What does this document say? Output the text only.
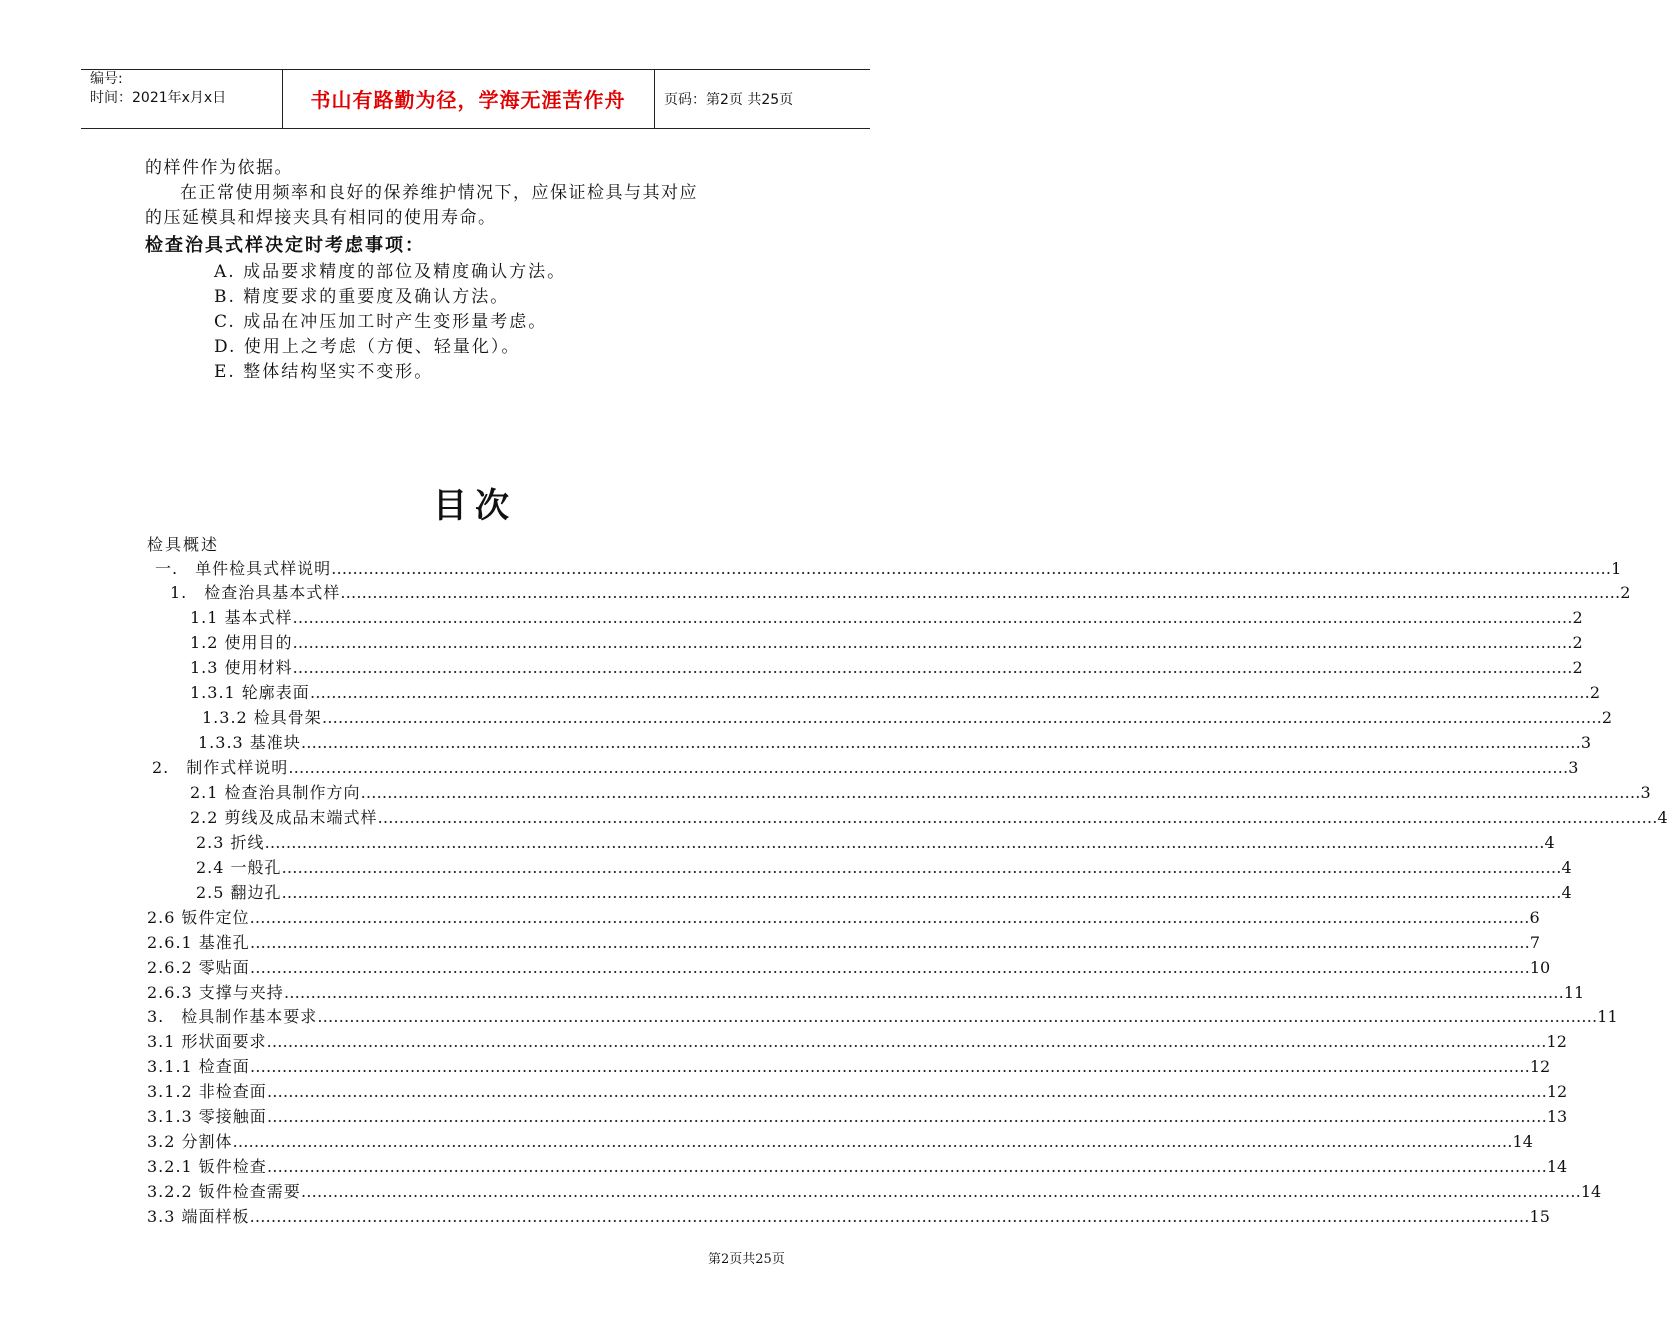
编号:
时间：2021年x月x日	书山有路勤为径，学海无涯苦作舟	页码：第2页 共25页
的样件作为依据。
在正常使用频率和良好的保养维护情况下，应保证检具与其对应
的压延模具和焊接夹具有相同的使用寿命。
检查治具式样决定时考虑事项：
A. 成品要求精度的部位及精度确认方法。
B. 精度要求的重要度及确认方法。
C. 成品在冲压加工时产生变形量考虑。
D. 使用上之考虑（方便、轻量化）。
E. 整体结构坚实不变形。
目次
检具概述
一.　单件检具式样说明 …………………………………………………………………………………………………………………………………………………………………………………………………………………… 1
1.　检查治具基本式样 …………………………………………………………………………………………………………………………………………………………………………………………………………………… 2
1.1 基本式样 …………………………………………………………………………………………………………………………………………………………………………………………………………………… 2
1.2 使用目的 …………………………………………………………………………………………………………………………………………………………………………………………………………………… 2
1.3 使用材料 …………………………………………………………………………………………………………………………………………………………………………………………………………………… 2
1.3.1 轮廓表面 …………………………………………………………………………………………………………………………………………………………………………………………………………………… 2
1.3.2 检具骨架 …………………………………………………………………………………………………………………………………………………………………………………………………………………… 2
1.3.3 基准块 …………………………………………………………………………………………………………………………………………………………………………………………………………………… 3
2.　制作式样说明 …………………………………………………………………………………………………………………………………………………………………………………………………………………… 3
2.1 检查治具制作方向 …………………………………………………………………………………………………………………………………………………………………………………………………………………… 3
2.2 剪线及成品末端式样 …………………………………………………………………………………………………………………………………………………………………………………………………………………… 4
2.3 折线 …………………………………………………………………………………………………………………………………………………………………………………………………………………… 4
2.4 一般孔 …………………………………………………………………………………………………………………………………………………………………………………………………………………… 4
2.5 翻边孔 …………………………………………………………………………………………………………………………………………………………………………………………………………………… 4
2.6 钣件定位 …………………………………………………………………………………………………………………………………………………………………………………………………………………… 6
2.6.1 基准孔 …………………………………………………………………………………………………………………………………………………………………………………………………………………… 7
2.6.2 零贴面 …………………………………………………………………………………………………………………………………………………………………………………………………………………… 10
2.6.3 支撑与夹持 …………………………………………………………………………………………………………………………………………………………………………………………………………………… 11
3.　检具制作基本要求 …………………………………………………………………………………………………………………………………………………………………………………………………………………… 11
3.1 形状面要求 …………………………………………………………………………………………………………………………………………………………………………………………………………………… 12
3.1.1 检查面 …………………………………………………………………………………………………………………………………………………………………………………………………………………… 12
3.1.2 非检查面 …………………………………………………………………………………………………………………………………………………………………………………………………………………… 12
3.1.3 零接触面 …………………………………………………………………………………………………………………………………………………………………………………………………………………… 13
3.2 分割体 …………………………………………………………………………………………………………………………………………………………………………………………………………………… 14
3.2.1 钣件检查 …………………………………………………………………………………………………………………………………………………………………………………………………………………… 14
3.2.2 钣件检查需要 …………………………………………………………………………………………………………………………………………………………………………………………………………………… 14
3.3 端面样板 …………………………………………………………………………………………………………………………………………………………………………………………………………………… 15
第2页共25页
